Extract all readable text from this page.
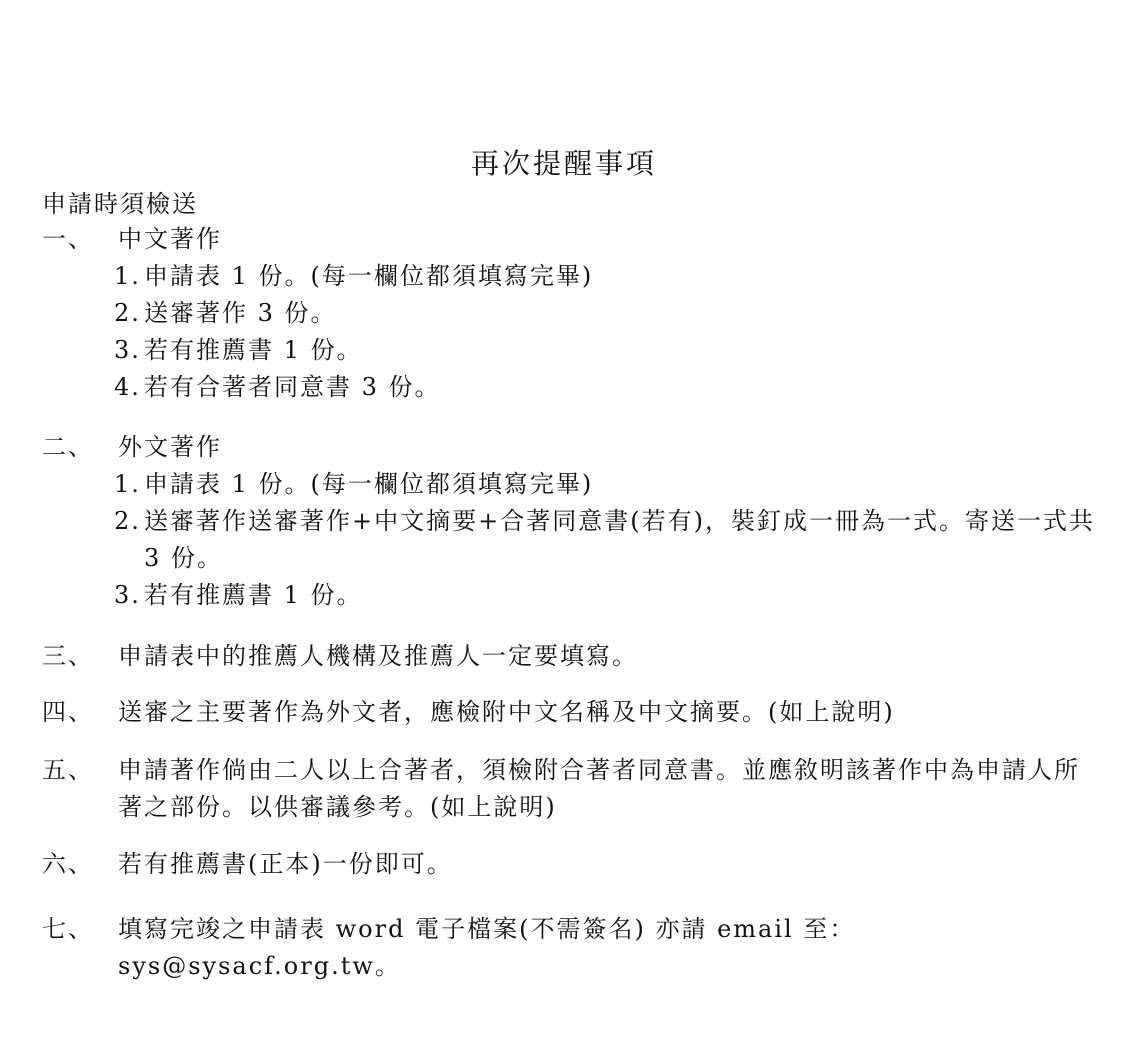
再次提醒事項
申請時須檢送
一、	中文著作
1. 申請表 1 份。(每一欄位都須填寫完畢)
2. 送審著作 3 份。
3. 若有推薦書 1 份。
4. 若有合著者同意書 3 份。
二、	外文著作
1. 申請表 1 份。(每一欄位都須填寫完畢)
2. 送審著作送審著作+中文摘要+合著同意書(若有)，裝釘成一冊為一式。寄送一式共 3 份。
3. 若有推薦書 1 份。
三、	申請表中的推薦人機構及推薦人一定要填寫。
四、	送審之主要著作為外文者，應檢附中文名稱及中文摘要。(如上說明)
五、	申請著作倘由二人以上合著者，須檢附合著者同意書。並應敘明該著作中為申請人所著之部份。以供審議參考。(如上說明)
六、	若有推薦書(正本)一份即可。
七、	填寫完竣之申請表 word 電子檔案(不需簽名) 亦請 email 至：sys@sysacf.org.tw。
